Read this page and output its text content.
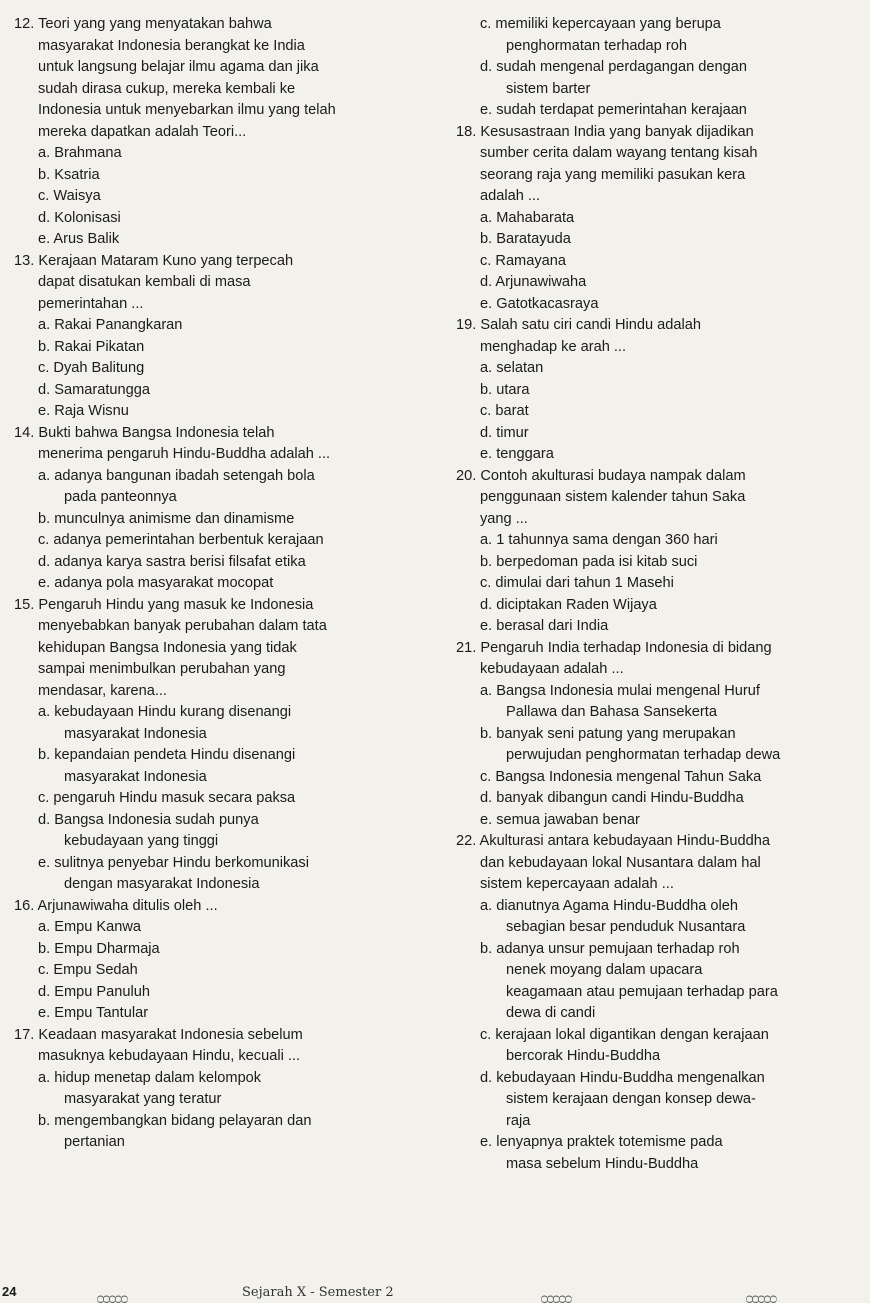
12. Teori yang yang menyatakan bahwa
masyarakat Indonesia berangkat ke India
untuk langsung belajar ilmu agama dan jika
sudah dirasa cukup, mereka kembali ke
Indonesia untuk menyebarkan ilmu yang telah
mereka dapatkan adalah Teori...
a. Brahmana
b. Ksatria
c. Waisya
d. Kolonisasi
e. Arus Balik
13. Kerajaan Mataram Kuno yang terpecah
dapat disatukan kembali di masa
pemerintahan ...
a. Rakai Panangkaran
b. Rakai Pikatan
c. Dyah Balitung
d. Samaratungga
e. Raja Wisnu
14. Bukti bahwa Bangsa Indonesia telah
menerima pengaruh Hindu-Buddha adalah ...
a. adanya bangunan ibadah setengah bola
pada panteonnya
b. munculnya animisme dan dinamisme
c. adanya pemerintahan berbentuk kerajaan
d. adanya karya sastra berisi filsafat etika
e. adanya pola masyarakat mocopat
15. Pengaruh Hindu yang masuk ke Indonesia
menyebabkan banyak perubahan dalam tata
kehidupan Bangsa Indonesia yang tidak
sampai menimbulkan perubahan yang
mendasar, karena...
a. kebudayaan Hindu kurang disenangi
masyarakat Indonesia
b. kepandaian pendeta Hindu disenangi
masyarakat Indonesia
c. pengaruh Hindu masuk secara paksa
d. Bangsa Indonesia sudah punya
kebudayaan yang tinggi
e. sulitnya penyebar Hindu berkomunikasi
dengan masyarakat Indonesia
16. Arjunawiwaha ditulis oleh ...
a. Empu Kanwa
b. Empu Dharmaja
c. Empu Sedah
d. Empu Panuluh
e. Empu Tantular
17. Keadaan masyarakat Indonesia sebelum
masuknya kebudayaan Hindu, kecuali ...
a. hidup menetap dalam kelompok
masyarakat yang teratur
b. mengembangkan bidang pelayaran dan
pertanian
c. memiliki kepercayaan yang berupa
penghormatan terhadap roh
d. sudah mengenal perdagangan dengan
sistem barter
e. sudah terdapat pemerintahan kerajaan
18. Kesusastraan India yang banyak dijadikan
sumber cerita dalam wayang tentang kisah
seorang raja yang memiliki pasukan kera
adalah ...
a. Mahabarata
b. Baratayuda
c. Ramayana
d. Arjunawiwaha
e. Gatotkacasraya
19. Salah satu ciri candi Hindu adalah
menghadap ke arah ...
a. selatan
b. utara
c. barat
d. timur
e. tenggara
20. Contoh akulturasi budaya nampak dalam
penggunaan sistem kalender tahun Saka
yang ...
a. 1 tahunnya sama dengan 360 hari
b. berpedoman pada isi kitab suci
c. dimulai dari tahun 1 Masehi
d. diciptakan Raden Wijaya
e. berasal dari India
21. Pengaruh India terhadap Indonesia di bidang
kebudayaan adalah ...
a. Bangsa Indonesia mulai mengenal Huruf
Pallawa dan Bahasa Sansekerta
b. banyak seni patung yang merupakan
perwujudan penghormatan terhadap dewa
c. Bangsa Indonesia mengenal Tahun Saka
d. banyak dibangun candi Hindu-Buddha
e. semua jawaban benar
22. Akulturasi antara kebudayaan Hindu-Buddha
dan kebudayaan lokal Nusantara dalam hal
sistem kepercayaan adalah ...
a. dianutnya Agama Hindu-Buddha oleh
sebagian besar penduduk Nusantara
b. adanya unsur pemujaan terhadap roh
nenek moyang dalam upacara
keagamaan atau pemujaan terhadap para
dewa di candi
c. kerajaan lokal digantikan dengan kerajaan
bercorak Hindu-Buddha
d. kebudayaan Hindu-Buddha mengenalkan
sistem kerajaan dengan konsep dewa-
raja
e. lenyapnya praktek totemisme pada
masa sebelum Hindu-Buddha
24	೦೦೦೦೦	Sejarah X - Semester 2	೦೦೦೦೦	೦೦೦೦೦
